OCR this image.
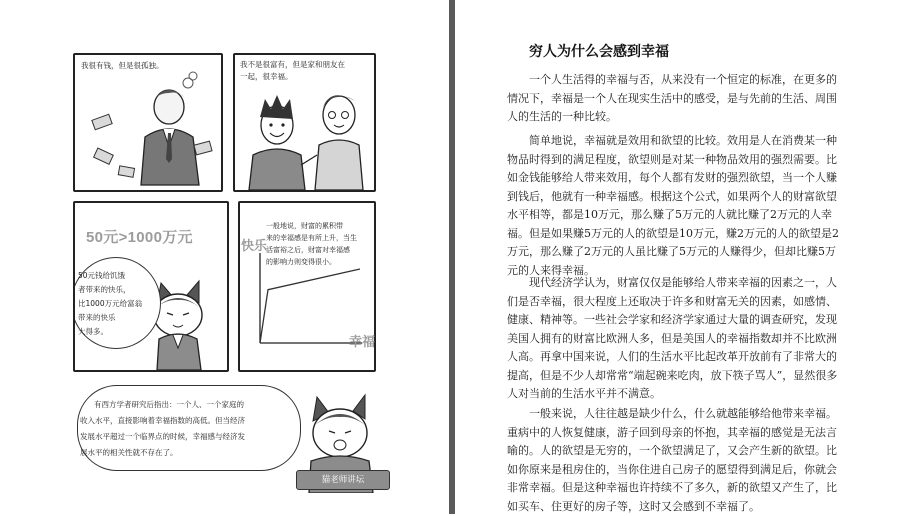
我很有钱，但是很孤独。	我不是很富有，但是家和朋友在
一起，很幸福。
50元>1000万元
50元钱给饥饿
者带来的快乐，
比1000万元给富翁
带来的快乐
大得多。
一般地说，财富的累积带
来的幸福感是有所上升，当生
活富裕之后，财富对幸福感
的影响力则变得很小。
快乐
幸福
有西方学者研究后指出：一个人、一个家庭的
收入水平，直接影响着幸福指数的高低。但当经济
发展水平超过一个临界点的时候，幸福感与经济发
展水平的相关性就不存在了。
猫老师讲坛
穷人为什么会感到幸福

一个人生活得的幸福与否，从来没有一个恒定的标准，在更多的情况下，幸福是一个人在现实生活中的感受，是与先前的生活、周围人的生活的一种比较。

简单地说，幸福就是效用和欲望的比较。效用是人在消费某一种物品时得到的满足程度，欲望则是对某一种物品效用的强烈需要。比如金钱能够给人带来效用，每个人都有发财的强烈欲望，当一个人赚到钱后，他就有一种幸福感。根据这个公式，如果两个人的财富欲望水平相等，都是10万元，那么赚了5万元的人就比赚了2万元的人幸福。但是如果赚5万元的人的欲望是10万元，赚2万元的人的欲望是2万元，那么赚了2万元的人虽比赚了5万元的人赚得少，但却比赚5万元的人来得幸福。

现代经济学认为，财富仅仅是能够给人带来幸福的因素之一，人们是否幸福，很大程度上还取决于许多和财富无关的因素，如感情、健康、精神等。一些社会学家和经济学家通过大量的调查研究，发现美国人拥有的财富比欧洲人多，但是美国人的幸福指数却并不比欧洲人高。再拿中国来说，人们的生活水平比起改革开放前有了非常大的提高，但是不少人却常常“端起碗来吃肉，放下筷子骂人”，显然很多人对当前的生活水平并不满意。

一般来说，人往往越是缺少什么，什么就越能够给他带来幸福。重病中的人恢复健康，游子回到母亲的怀抱，其幸福的感觉是无法言喻的。人的欲望是无穷的，一个欲望满足了，又会产生新的欲望。比如你原来是租房住的，当你住进自己房子的愿望得到满足后，你就会非常幸福。但是这种幸福也许持续不了多久，新的欲望又产生了，比如买车、住更好的房子等，这时又会感到不幸福了。
